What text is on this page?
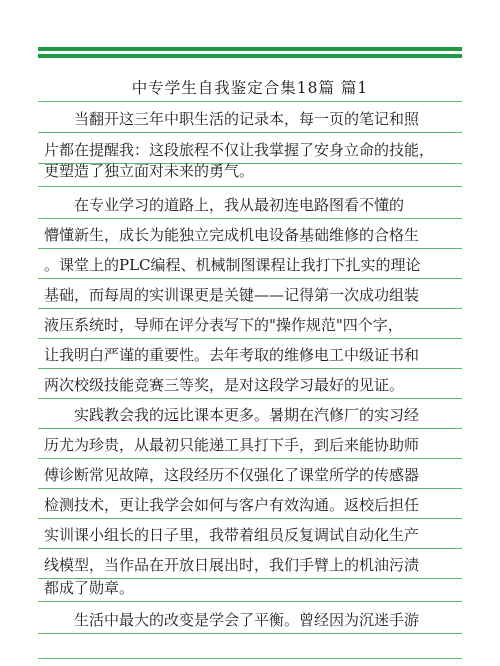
中专学生自我鉴定合集18篇 篇1
当翻开这三年中职生活的记录本，每一页的笔记和照
片都在提醒我：这段旅程不仅让我掌握了安身立命的技能，
更塑造了独立面对未来的勇气。
在专业学习的道路上，我从最初连电路图看不懂的
懵懂新生，成长为能独立完成机电设备基础维修的合格生
。课堂上的PLC编程、机械制图课程让我打下扎实的理论
基础，而每周的实训课更是关键——记得第一次成功组装
液压系统时，导师在评分表写下的"操作规范"四个字，
让我明白严谨的重要性。去年考取的维修电工中级证书和
两次校级技能竞赛三等奖，是对这段学习最好的见证。
实践教会我的远比课本更多。暑期在汽修厂的实习经
历尤为珍贵，从最初只能递工具打下手，到后来能协助师
傅诊断常见故障，这段经历不仅强化了课堂所学的传感器
检测技术，更让我学会如何与客户有效沟通。返校后担任
实训课小组长的日子里，我带着组员反复调试自动化生产
线模型，当作品在开放日展出时，我们手臂上的机油污渍
都成了勋章。
生活中最大的改变是学会了平衡。曾经因为沉迷手游
